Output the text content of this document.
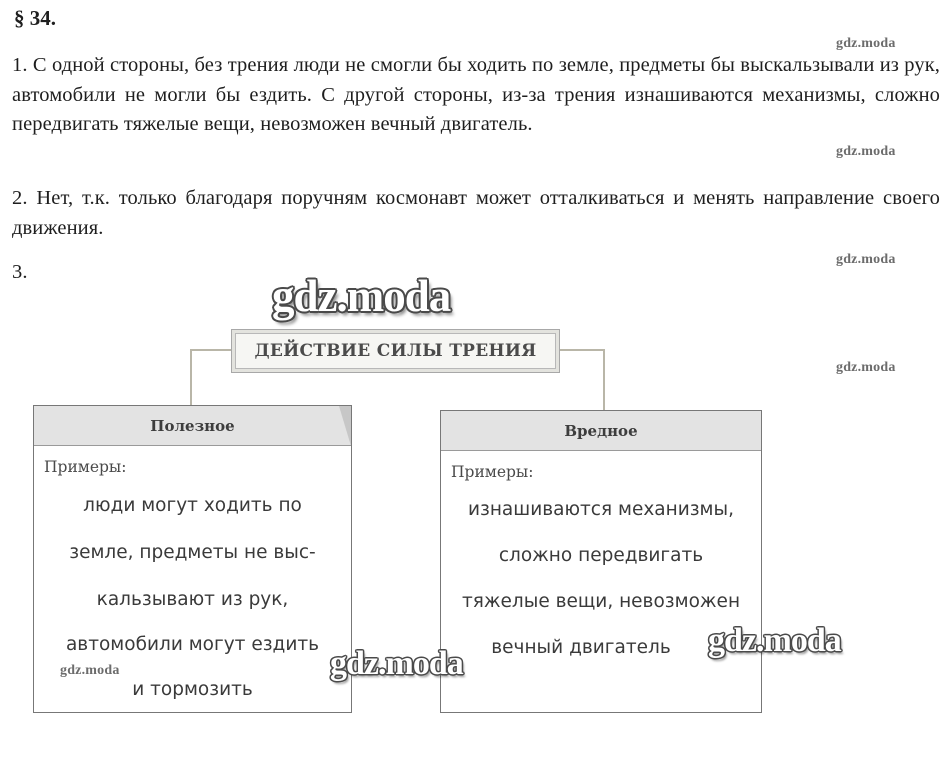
§ 34.

1. С одной стороны, без трения люди не смогли бы ходить по земле, предметы бы выскальзывали из рук, автомобили не могли бы ездить. С другой стороны, из-за трения изнашиваются механизмы, сложно передвигать тяжелые вещи, невозможен вечный двигатель.

2. Нет, т.к. только благодаря поручням космонавт может отталкиваться и менять направление своего движения.

3.

gdz.moda
gdz.moda
gdz.moda
gdz.moda
ДЕЙСТВИЕ СИЛЫ ТРЕНИЯ
Полезное
Примеры:
люди могут ходить по
земле, предметы не выс-
кальзывают из рук,
автомобили могут ездить
и тормозить
Вредное
Примеры:
изнашиваются механизмы,
сложно передвигать
тяжелые вещи, невозможен
вечный двигатель
gdz.moda
gdz.moda
gdz.moda
gdz.moda
